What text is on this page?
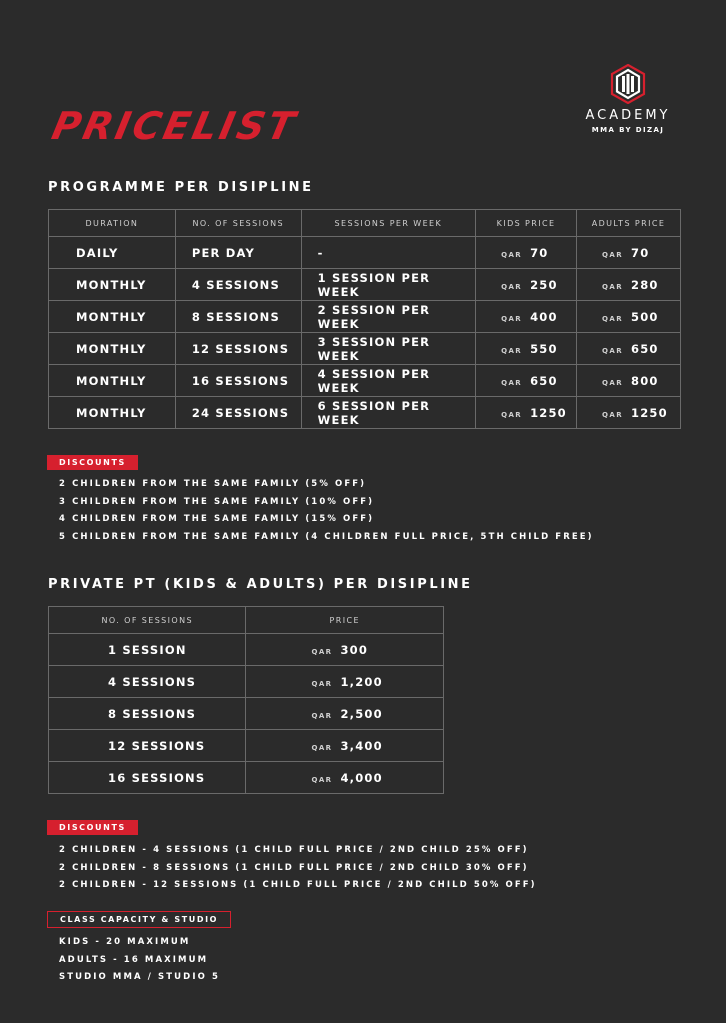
PRICELIST	ACADEMY
MMA BY DIZAJ
PROGRAMME PER DISIPLINE
DURATION	NO. OF SESSIONS	SESSIONS PER WEEK	KIDS PRICE	ADULTS PRICE
DAILY	PER DAY	-	QAR 70	QAR 70
MONTHLY	4 SESSIONS	1 SESSION PER WEEK	QAR 250	QAR 280
MONTHLY	8 SESSIONS	2 SESSION PER WEEK	QAR 400	QAR 500
MONTHLY	12 SESSIONS	3 SESSION PER WEEK	QAR 550	QAR 650
MONTHLY	16 SESSIONS	4 SESSION PER WEEK	QAR 650	QAR 800
MONTHLY	24 SESSIONS	6 SESSION PER WEEK	QAR 1250	QAR 1250
DISCOUNTS
2 CHILDREN FROM THE SAME FAMILY (5% OFF)
3 CHILDREN FROM THE SAME FAMILY (10% OFF)
4 CHILDREN FROM THE SAME FAMILY (15% OFF)
5 CHILDREN FROM THE SAME FAMILY (4 CHILDREN FULL PRICE, 5TH CHILD FREE)
PRIVATE PT (KIDS & ADULTS) PER DISIPLINE
NO. OF SESSIONS	PRICE
1 SESSION	QAR 300
4 SESSIONS	QAR 1,200
8 SESSIONS	QAR 2,500
12 SESSIONS	QAR 3,400
16 SESSIONS	QAR 4,000
DISCOUNTS
2 CHILDREN - 4 SESSIONS (1 CHILD FULL PRICE / 2ND CHILD 25% OFF)
2 CHILDREN - 8 SESSIONS (1 CHILD FULL PRICE / 2ND CHILD 30% OFF)
2 CHILDREN - 12 SESSIONS (1 CHILD FULL PRICE / 2ND CHILD 50% OFF)
CLASS CAPACITY & STUDIO
KIDS - 20 MAXIMUM
ADULTS - 16 MAXIMUM
STUDIO MMA / STUDIO 5
